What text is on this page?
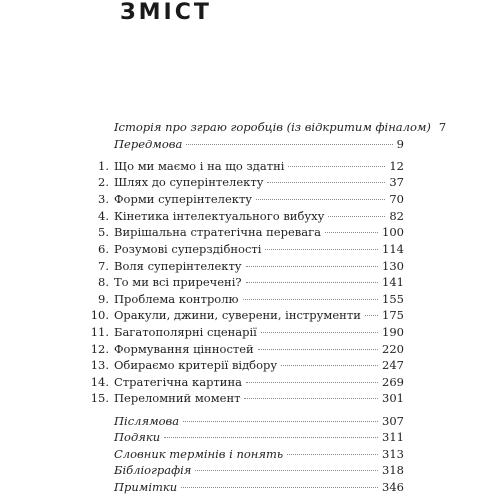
ЗМІСТ
Історія про зграю горобців (із відкритим фіналом) 7
Передмова	9
1. Що ми маємо і на що здатні	12
2. Шлях до суперінтелекту	37
3. Форми суперінтелекту	70
4. Кінетика інтелектуального вибуху	82
5. Вирішальна стратегічна перевага	100
6. Розумові суперздібності	114
7. Воля суперінтелекту	130
8. То ми всі приречені?	141
9. Проблема контролю	155
10. Оракули, джини, суверени, інструменти 175
11. Багатополярні сценарії	190
12. Формування цінностей	220
13. Обираємо критерії відбору	247
14. Стратегічна картина	269
15. Переломний момент	301
Післямова	307
Подяки	311
Словник термінів і понять	313
Бібліографія	318
Примітки	346
